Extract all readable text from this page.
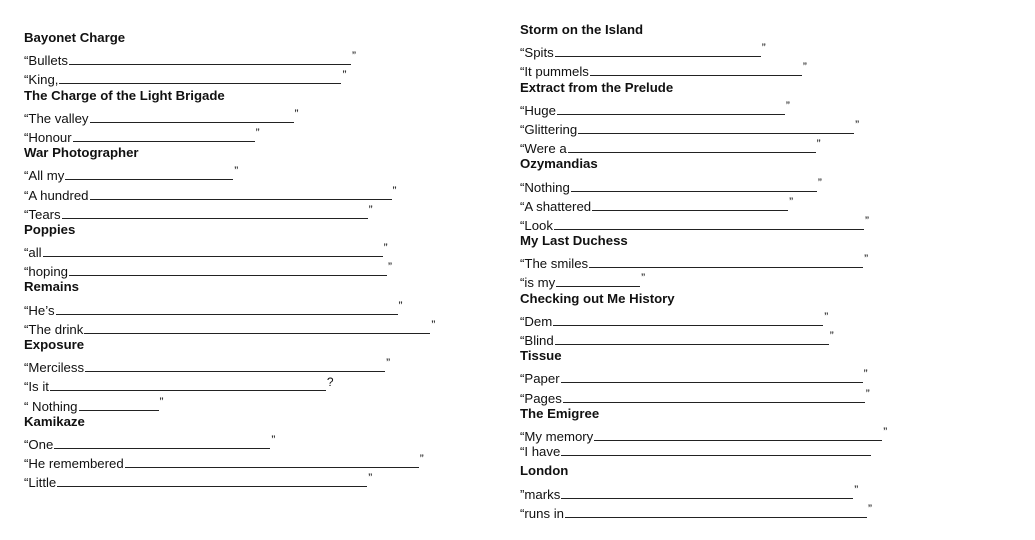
Bayonet Charge
“Bullets	”
“King,	”
The Charge of the Light Brigade
“The valley	”
“Honour	”
War Photographer
“All my	”
“A hundred	”
“Tears	”
Poppies
“all	”
“hoping	”
Remains
“He’s	”
“The drink	”
Exposure
“Merciless	”
“Is it	?
“ Nothing	”
Kamikaze
“One	”
“He remembered	”
“Little	”
Storm on the Island
“Spits	”
“It pummels	”
Extract from the Prelude
“Huge	”
“Glittering	”
“Were a	”
Ozymandias
“Nothing	”
“A shattered	”
“Look	”
My Last Duchess
“The smiles	”
“is my	”
Checking out Me History
“Dem	”
“Blind	”
Tissue
“Paper	”
“Pages	”
The Emigree
“My memory	”
“I have
London
”marks	”
“runs in	”
